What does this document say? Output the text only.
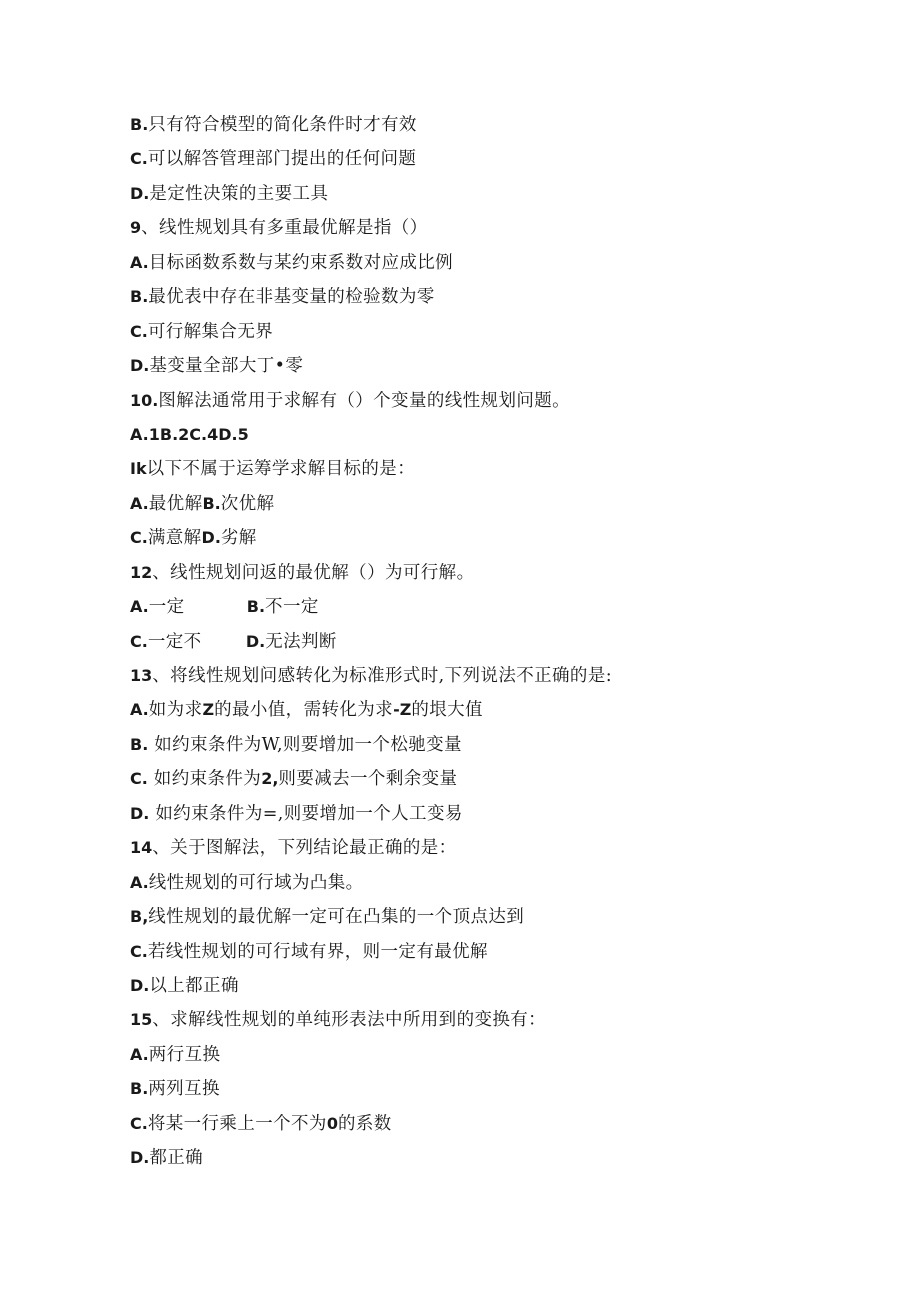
B.只有符合模型的简化条件时才有效
C.可以解答管理部门提出的任何问题
D.是定性决策的主要工具
9、线性规划具有多重最优解是指（）
A.目标函数系数与某约束系数对应成比例
B.最优表中存在非基变量的检验数为零
C.可行解集合无界
D.基变量全部大丁•零
10.图解法通常用于求解有（）个变量的线性规划问题。
A.1B.2C.4D.5
Ik以下不属于运筹学求解目标的是：
A.最优解B.次优解
C.满意解D.劣解
12、线性规划问返的最优解（）为可行解。
A.一定	B.不一定
C.一定不	D.无法判断
13、将线性规划问感转化为标准形式时,下列说法不正确的是:
A.如为求Z的最小值，需转化为求-Z的垠大值
B. 如约束条件为W,则要增加一个松驰变量
C. 如约束条件为2,则要减去一个剩余变量
D. 如约束条件为=,则要增加一个人工变易
14、关于图解法，下列结论最正确的是：
A.线性规划的可行域为凸集。
B,线性规划的最优解一定可在凸集的一个顶点达到
C.若线性规划的可行域有界，则一定有最优解
D.以上都正确
15、求解线性规划的单纯形表法中所用到的变换有：
A.两行互换
B.两列互换
C.将某一行乘上一个不为0的系数
D.都正确
